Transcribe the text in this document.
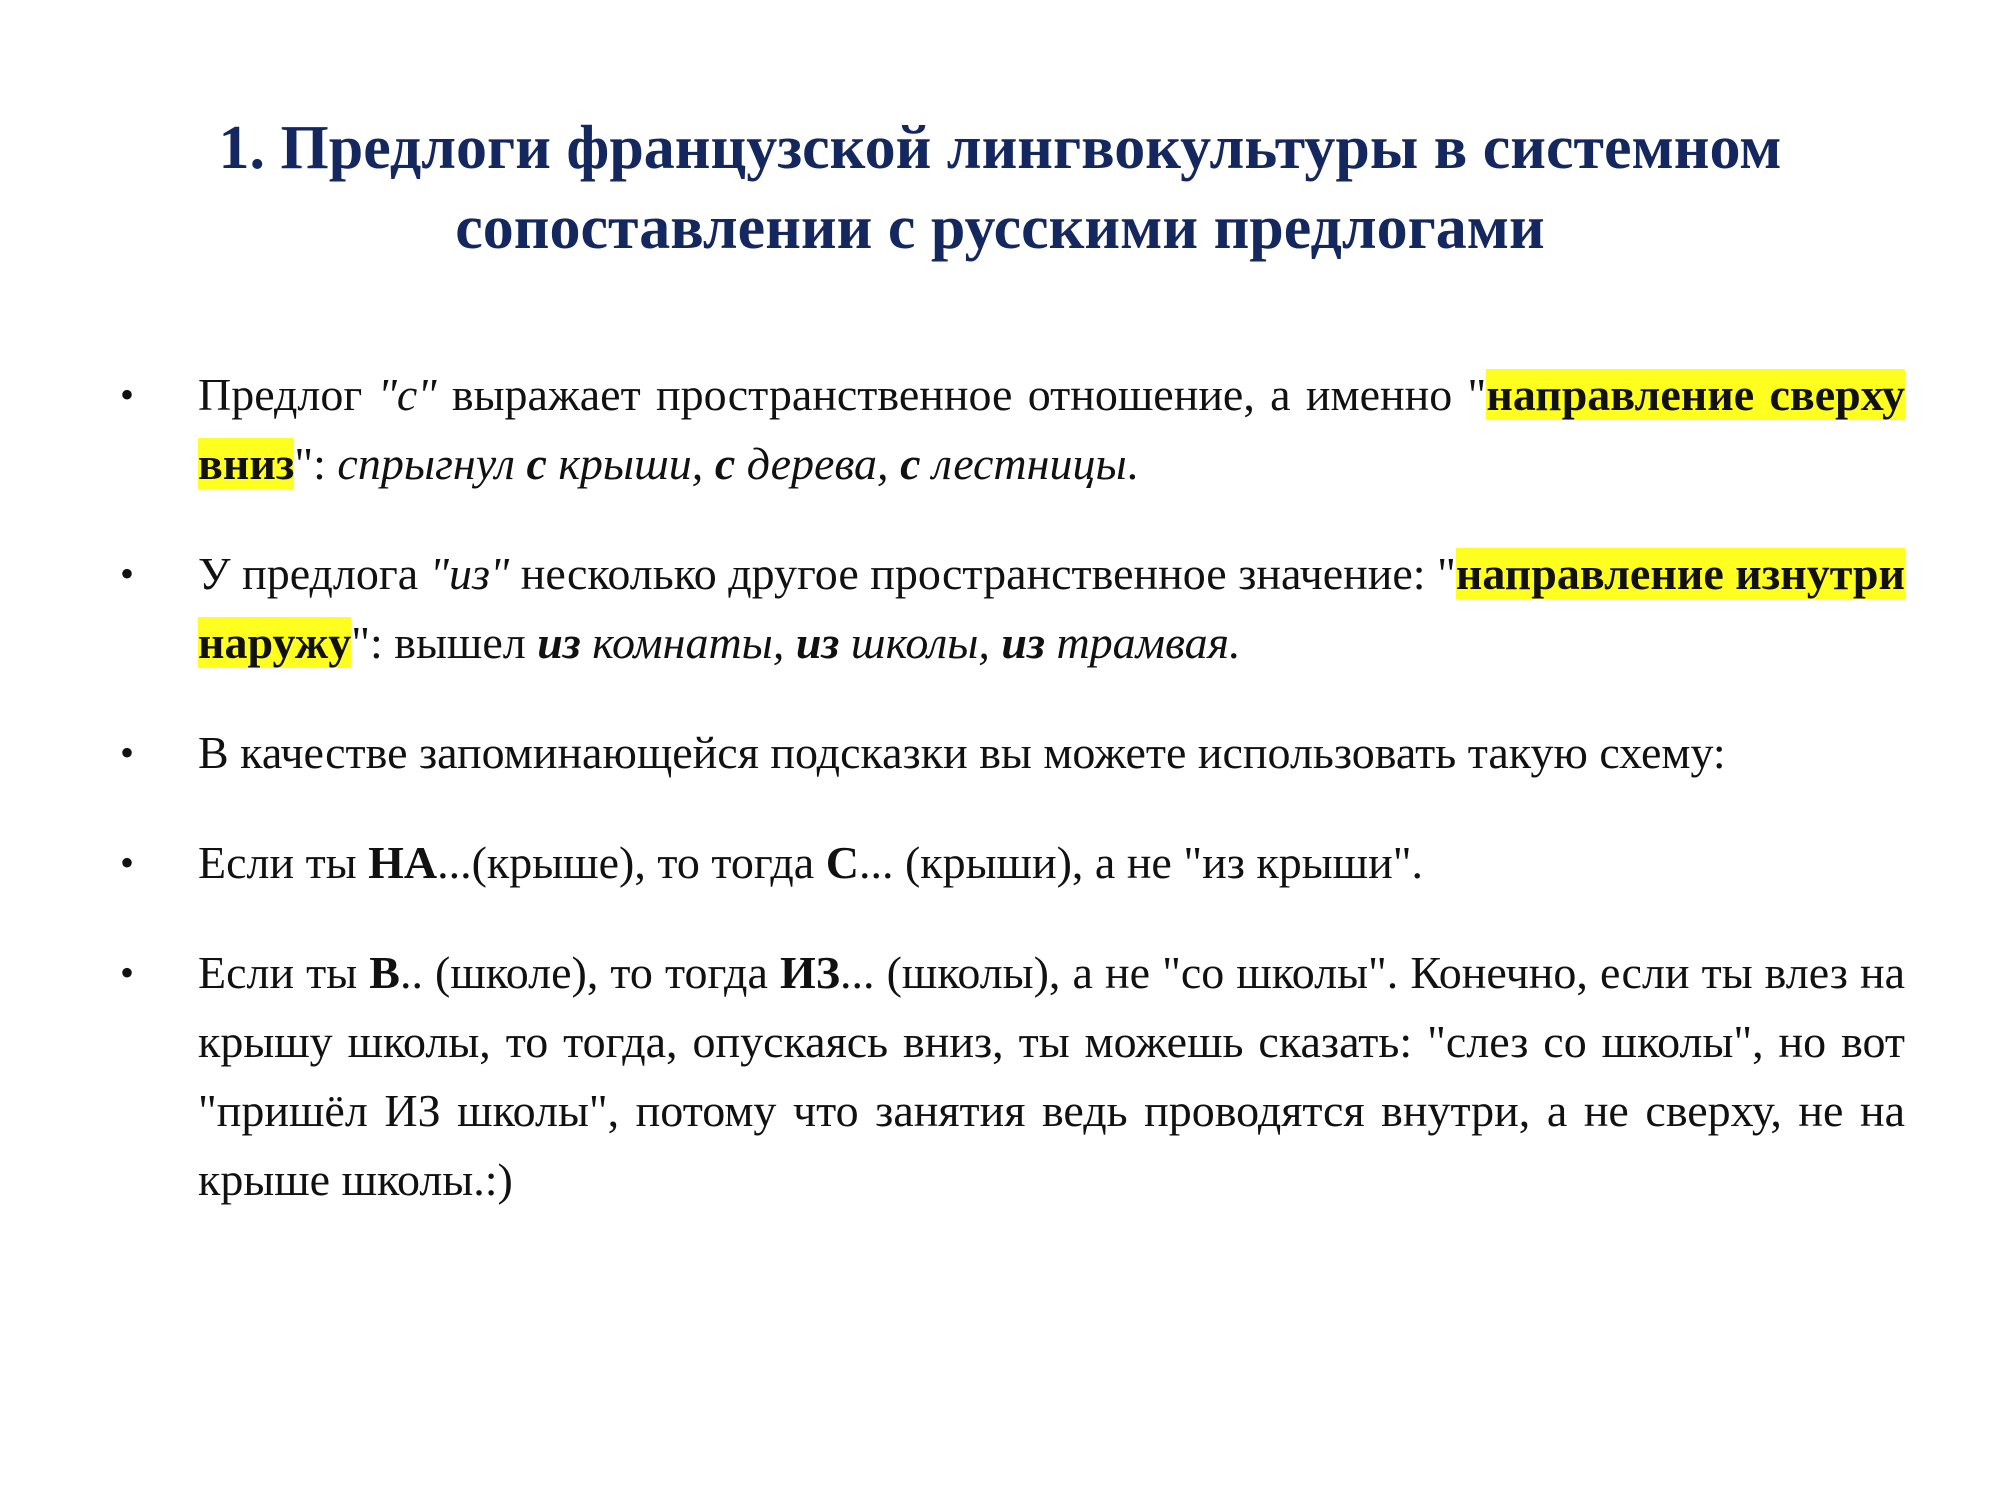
1. Предлоги французской лингвокультуры в системном
сопоставлении с русскими предлогами
• Предлог "с" выражает пространственное отношение, а именно "направление сверху вниз": спрыгнул с крыши, с дерева, с лестницы.
• У предлога "из" несколько другое пространственное значение: "направление изнутри наружу": вышел из комнаты, из школы, из трамвая.
• В качестве запоминающейся подсказки вы можете использовать такую схему:
• Если ты НА...(крыше), то тогда С... (крыши), а не "из крыши".
• Если ты В.. (школе), то тогда ИЗ... (школы), а не "со школы". Конечно, если ты влез на крышу школы, то тогда, опускаясь вниз, ты можешь сказать: "слез со школы", но вот "пришёл ИЗ школы", потому что занятия ведь проводятся внутри, а не сверху, не на крыше школы.:)
